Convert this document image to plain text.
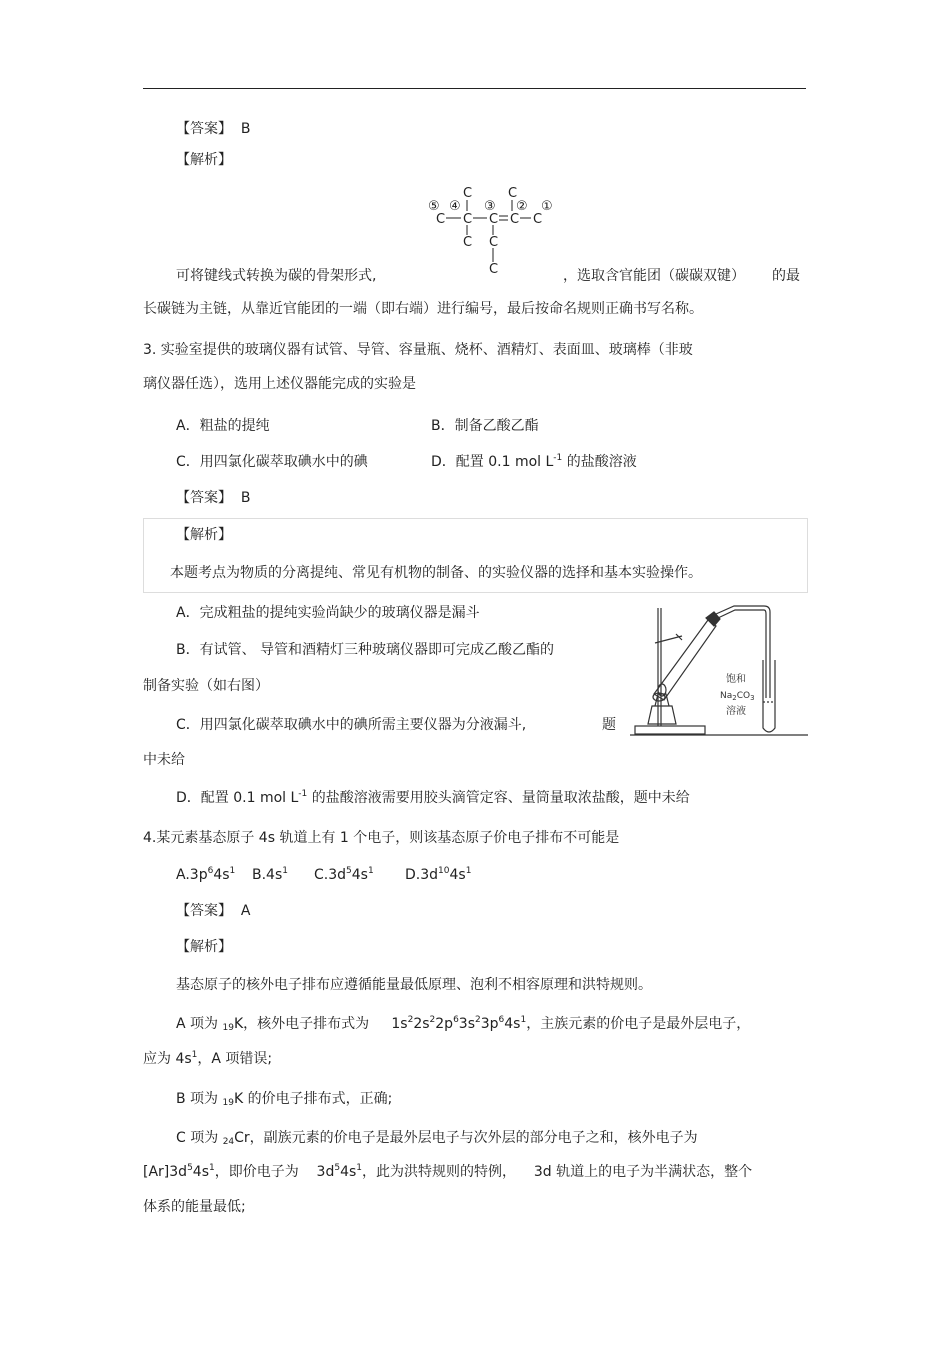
【答案】 B
【解析】
⑤ ④ ③ ② ①
C	C
C C C C C
C C
C
可将键线式转换为碳的骨架形式,	，选取含官能团（碳碳双键） 的最
长碳链为主链，从靠近官能团的一端（即右端）进行编号，最后按命名规则正确书写名称。
3. 实验室提供的玻璃仪器有试管、导管、容量瓶、烧杯、酒精灯、表面皿、玻璃棒（非玻
璃仪器任选），选用上述仪器能完成的实验是
A．粗盐的提纯	B．制备乙酸乙酯
C．用四氯化碳萃取碘水中的碘	D．配置 0.1 mol $L^{-1}$ 的盐酸溶液
【答案】 B
【解析】
本题考点为物质的分离提纯、常见有机物的制备、的实验仪器的选择和基本实验操作。
A．完成粗盐的提纯实验尚缺少的玻璃仪器是漏斗
B．有试管、 导管和酒精灯三种玻璃仪器即可完成乙酸乙酯的
制备实验（如右图）
C．用四氯化碳萃取碘水中的碘所需主要仪器为分液漏斗,	题
中未给
D．配置 0.1 mol $L^{-1}$ 的盐酸溶液需要用胶头滴管定容、量筒量取浓盐酸，题中未给
饱和
$Na_2CO_3$
溶液
4.某元素基态原子 4s 轨道上有 1 个电子，则该基态原子价电子排布不可能是
$A.3p^64s^1$ $B.4s^1$ $C.3d^54s^1$ $D.3d^{10}4s^1$
【答案】 A
【解析】
基态原子的核外电子排布应遵循能量最低原理、泡利不相容原理和洪特规则。
A 项为 $_{19}$K，核外电子排布式为 $1s^22s^22p^63s^23p^64s^1$，主族元素的价电子是最外层电子，
应为 $4s^1$，A 项错误;
B 项为 $_{19}$K 的价电子排布式，正确;
C 项为 $_{24}$Cr，副族元素的价电子是最外层电子与次外层的部分电子之和，核外电子为
$[Ar]3d^54s^1$，即价电子为 $3d^54s^1$，此为洪特规则的特例， 3d 轨道上的电子为半满状态，整个
体系的能量最低;
